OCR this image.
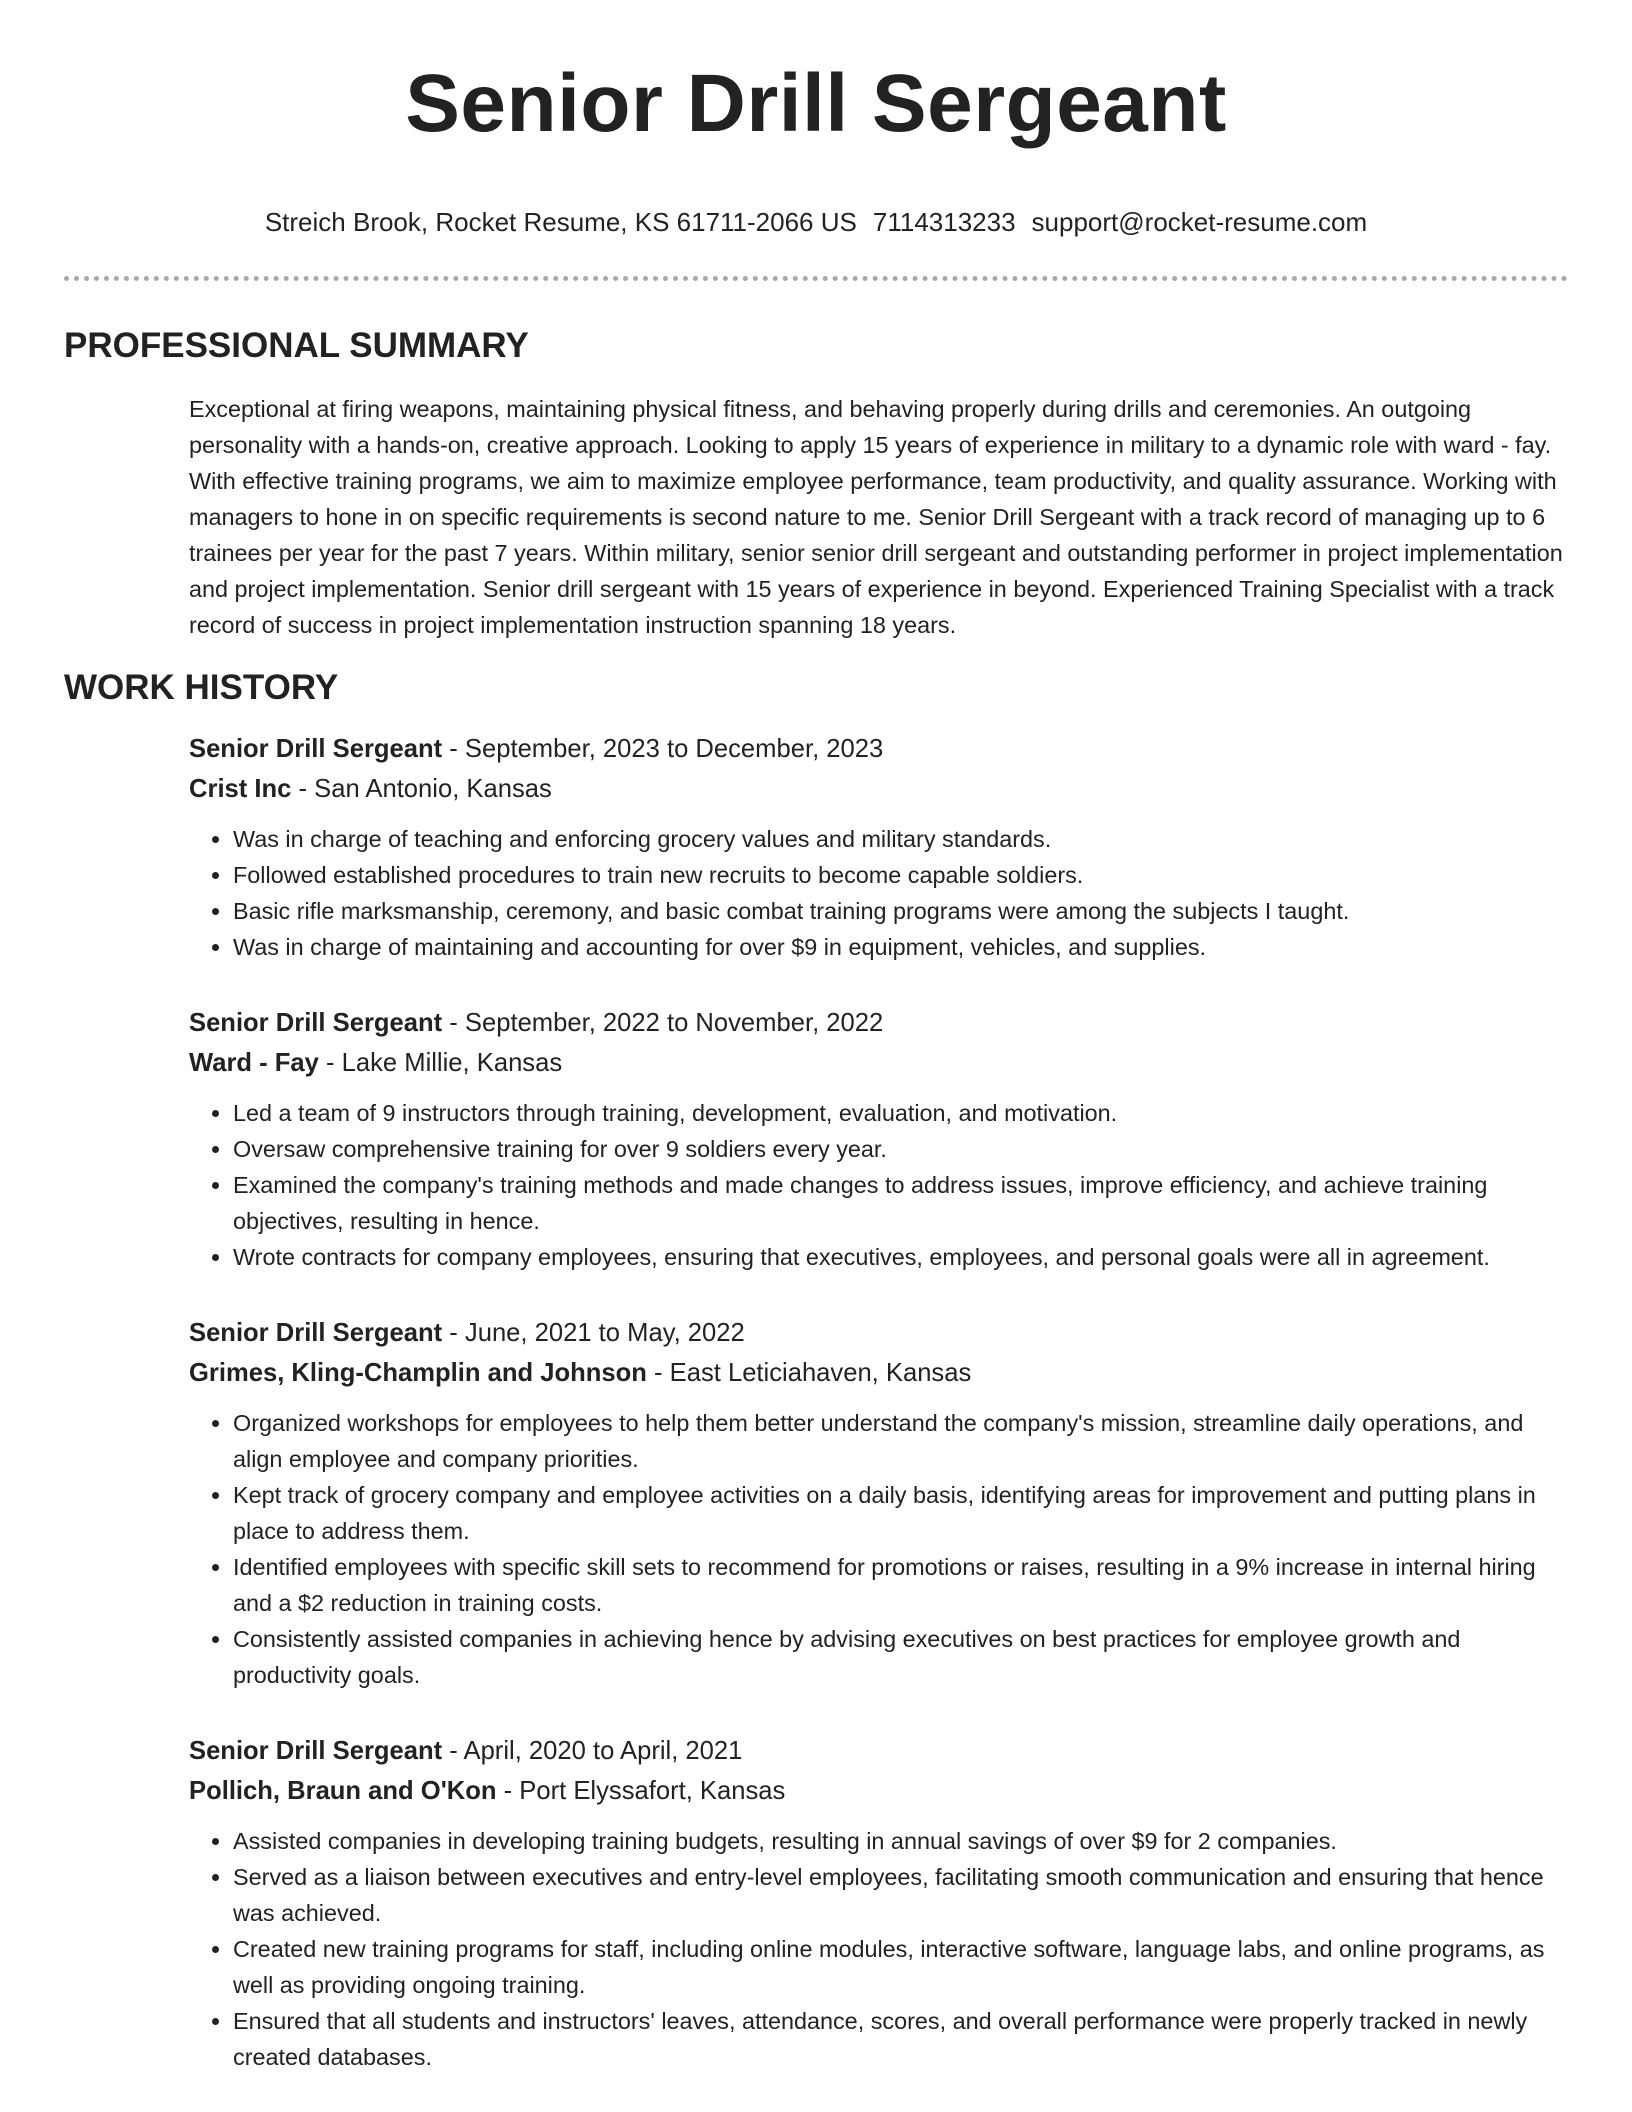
Senior Drill Sergeant
Streich Brook, Rocket Resume, KS 61711-2066 US 7114313233 support@rocket-resume.com
PROFESSIONAL SUMMARY

Exceptional at firing weapons, maintaining physical fitness, and behaving properly during drills and ceremonies. An outgoing personality with a hands-on, creative approach. Looking to apply 15 years of experience in military to a dynamic role with ward - fay. With effective training programs, we aim to maximize employee performance, team productivity, and quality assurance. Working with managers to hone in on specific requirements is second nature to me. Senior Drill Sergeant with a track record of managing up to 6 trainees per year for the past 7 years. Within military, senior senior drill sergeant and outstanding performer in project implementation and project implementation. Senior drill sergeant with 15 years of experience in beyond. Experienced Training Specialist with a track record of success in project implementation instruction spanning 18 years.

WORK HISTORY
Senior Drill Sergeant - September, 2023 to December, 2023
Crist Inc - San Antonio, Kansas
• Was in charge of teaching and enforcing grocery values and military standards.
• Followed established procedures to train new recruits to become capable soldiers.
• Basic rifle marksmanship, ceremony, and basic combat training programs were among the subjects I taught.
• Was in charge of maintaining and accounting for over $9 in equipment, vehicles, and supplies.
Senior Drill Sergeant - September, 2022 to November, 2022
Ward - Fay - Lake Millie, Kansas
• Led a team of 9 instructors through training, development, evaluation, and motivation.
• Oversaw comprehensive training for over 9 soldiers every year.
• Examined the company's training methods and made changes to address issues, improve efficiency, and achieve training objectives, resulting in hence.
• Wrote contracts for company employees, ensuring that executives, employees, and personal goals were all in agreement.
Senior Drill Sergeant - June, 2021 to May, 2022
Grimes, Kling-Champlin and Johnson - East Leticiahaven, Kansas
• Organized workshops for employees to help them better understand the company's mission, streamline daily operations, and align employee and company priorities.
• Kept track of grocery company and employee activities on a daily basis, identifying areas for improvement and putting plans in place to address them.
• Identified employees with specific skill sets to recommend for promotions or raises, resulting in a 9% increase in internal hiring and a $2 reduction in training costs.
• Consistently assisted companies in achieving hence by advising executives on best practices for employee growth and productivity goals.
Senior Drill Sergeant - April, 2020 to April, 2021
Pollich, Braun and O'Kon - Port Elyssafort, Kansas
• Assisted companies in developing training budgets, resulting in annual savings of over $9 for 2 companies.
• Served as a liaison between executives and entry-level employees, facilitating smooth communication and ensuring that hence was achieved.
• Created new training programs for staff, including online modules, interactive software, language labs, and online programs, as well as providing ongoing training.
• Ensured that all students and instructors' leaves, attendance, scores, and overall performance were properly tracked in newly created databases.
